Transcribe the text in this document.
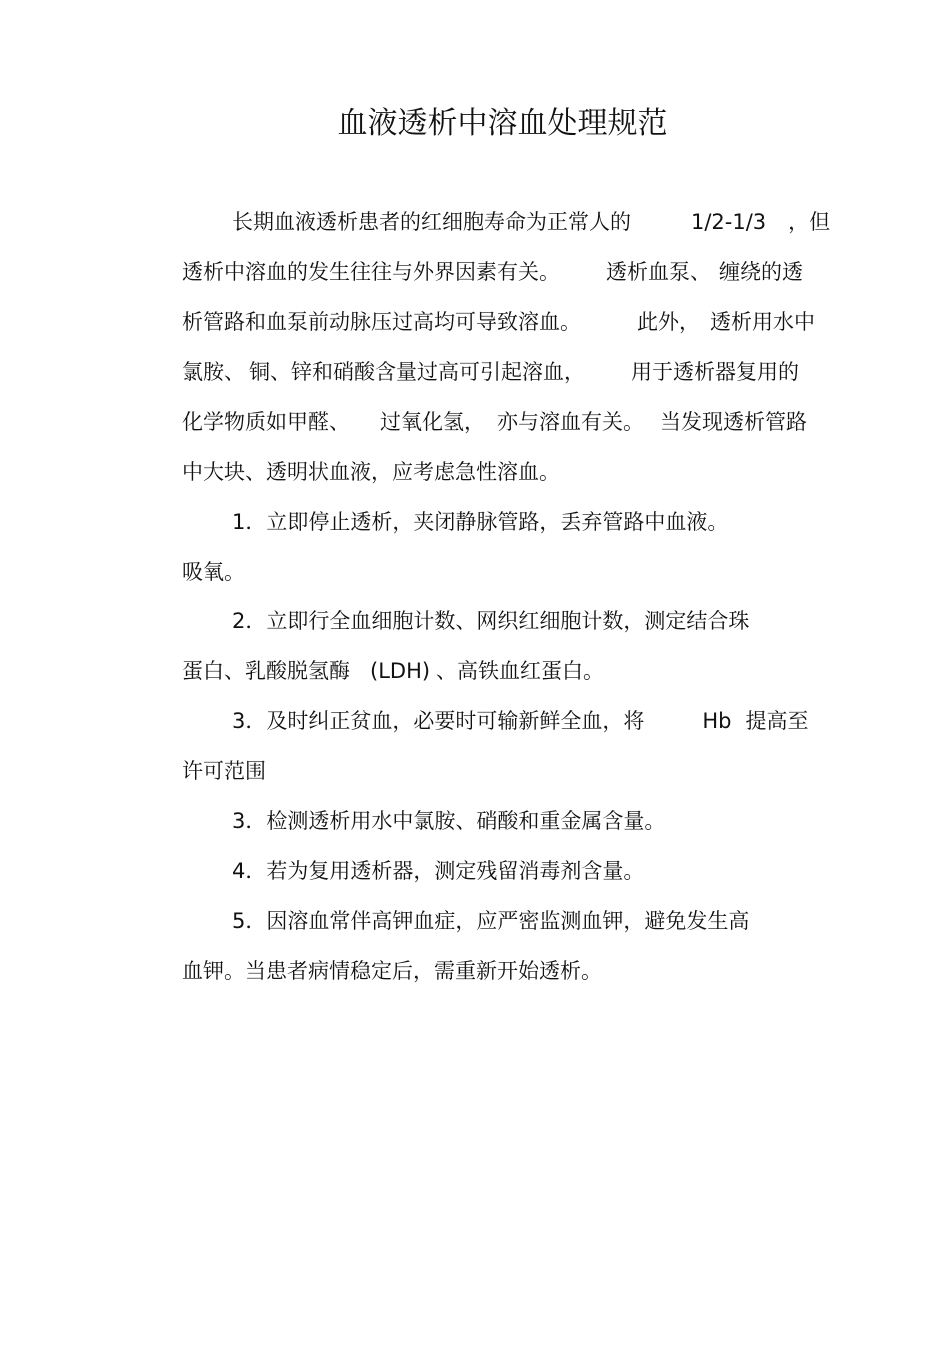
血液透析中溶血处理规范
长期血液透析患者的红细胞寿命为正常人的	1/2-1/3 ，但
透析中溶血的发生往往与外界因素有关。 透析血泵、 缠绕的透
析管路和血泵前动脉压过高均可导致溶血。	此外， 透析用水中
氯胺、 铜、锌和硝酸含量过高可引起溶血， 用于透析器复用的
化学物质如甲醛、 过氧化氢， 亦与溶血有关。 当发现透析管路
中大块、透明状血液，应考虑急性溶血。
1．立即停止透析，夹闭静脉管路，丢弃管路中血液。
吸氧。
2．立即行全血细胞计数、网织红细胞计数，测定结合珠
蛋白、乳酸脱氢酶 (LDH) 、高铁血红蛋白。
3．及时纠正贫血，必要时可输新鲜全血，将	Hb 提高至
许可范围
3．检测透析用水中氯胺、硝酸和重金属含量。
4．若为复用透析器，测定残留消毒剂含量。
5．因溶血常伴高钾血症，应严密监测血钾，避免发生高
血钾。当患者病情稳定后，需重新开始透析。
